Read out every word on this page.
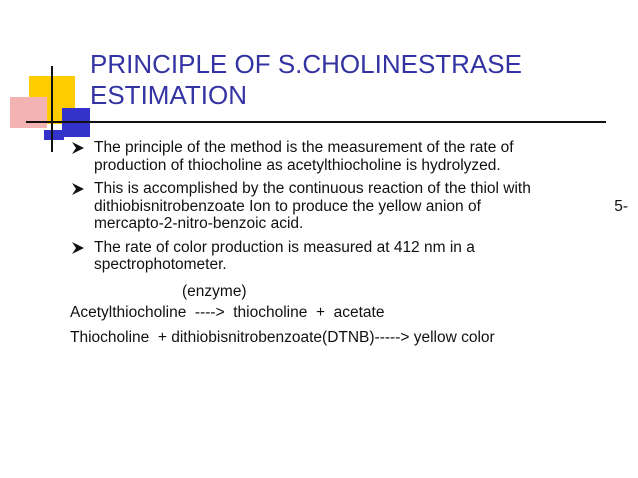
PRINCIPLE OF S.CHOLINESTRASE
ESTIMATION
The principle of the method is the measurement of the rate of
production of thiocholine as acetylthiocholine is hydrolyzed.
This is accomplished by the continuous reaction of the thiol with
dithiobisnitrobenzoate Ion to produce the yellow anion of	5-
mercapto-2-nitro-benzoic acid.
The rate of color production is measured at 412 nm in a
spectrophotometer.
(enzyme)
Acetylthiocholine  ---->  thiocholine  +  acetate
Thiocholine  + dithiobisnitrobenzoate(DTNB)-----> yellow color
